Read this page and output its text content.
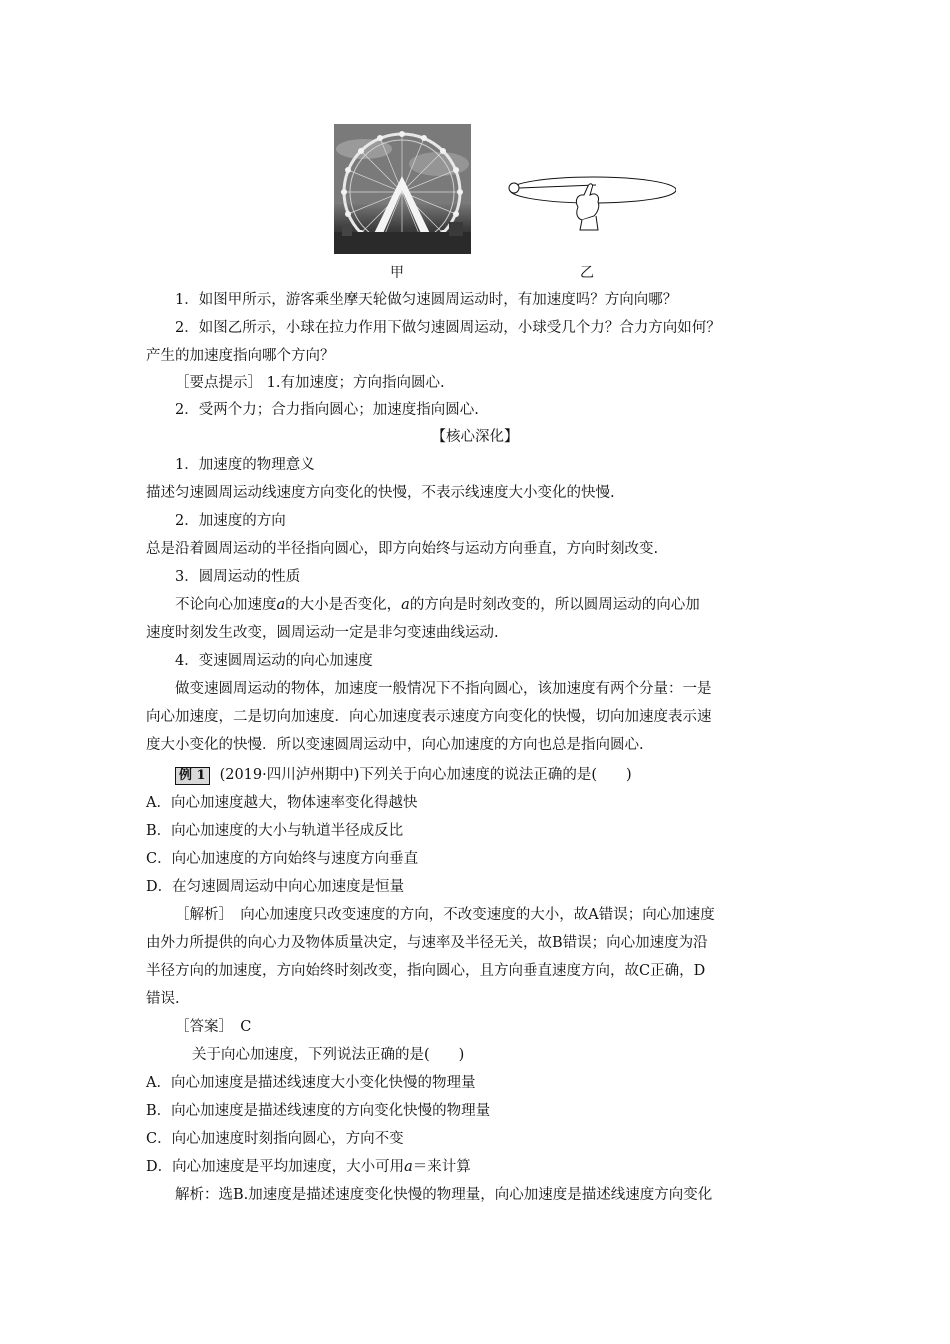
甲	乙
1．如图甲所示，游客乘坐摩天轮做匀速圆周运动时，有加速度吗？方向向哪？
2．如图乙所示，小球在拉力作用下做匀速圆周运动，小球受几个力？合力方向如何？
产生的加速度指向哪个方向？
［要点提示］ 1.有加速度；方向指向圆心.
2．受两个力；合力指向圆心；加速度指向圆心.
【核心深化】
1．加速度的物理意义
描述匀速圆周运动线速度方向变化的快慢，不表示线速度大小变化的快慢.
2．加速度的方向
总是沿着圆周运动的半径指向圆心，即方向始终与运动方向垂直，方向时刻改变.
3．圆周运动的性质
不论向心加速度a的大小是否变化，a的方向是时刻改变的，所以圆周运动的向心加
速度时刻发生改变，圆周运动一定是非匀变速曲线运动.
4．变速圆周运动的向心加速度
做变速圆周运动的物体，加速度一般情况下不指向圆心，该加速度有两个分量：一是
向心加速度，二是切向加速度．向心加速度表示速度方向变化的快慢，切向加速度表示速
度大小变化的快慢．所以变速圆周运动中，向心加速度的方向也总是指向圆心.
例 1 (2019·四川泸州期中)下列关于向心加速度的说法正确的是(　　)
A．向心加速度越大，物体速率变化得越快
B．向心加速度的大小与轨道半径成反比
C．向心加速度的方向始终与速度方向垂直
D．在匀速圆周运动中向心加速度是恒量
［解析］　向心加速度只改变速度的方向，不改变速度的大小，故A错误；向心加速度
由外力所提供的向心力及物体质量决定，与速率及半径无关，故B错误；向心加速度为沿
半径方向的加速度，方向始终时刻改变，指向圆心，且方向垂直速度方向，故C正确，D
错误.
［答案］　C
关于向心加速度，下列说法正确的是(　　)
A．向心加速度是描述线速度大小变化快慢的物理量
B．向心加速度是描述线速度的方向变化快慢的物理量
C．向心加速度时刻指向圆心，方向不变
D．向心加速度是平均加速度，大小可用a＝来计算
解析：选B.加速度是描述速度变化快慢的物理量，向心加速度是描述线速度方向变化
